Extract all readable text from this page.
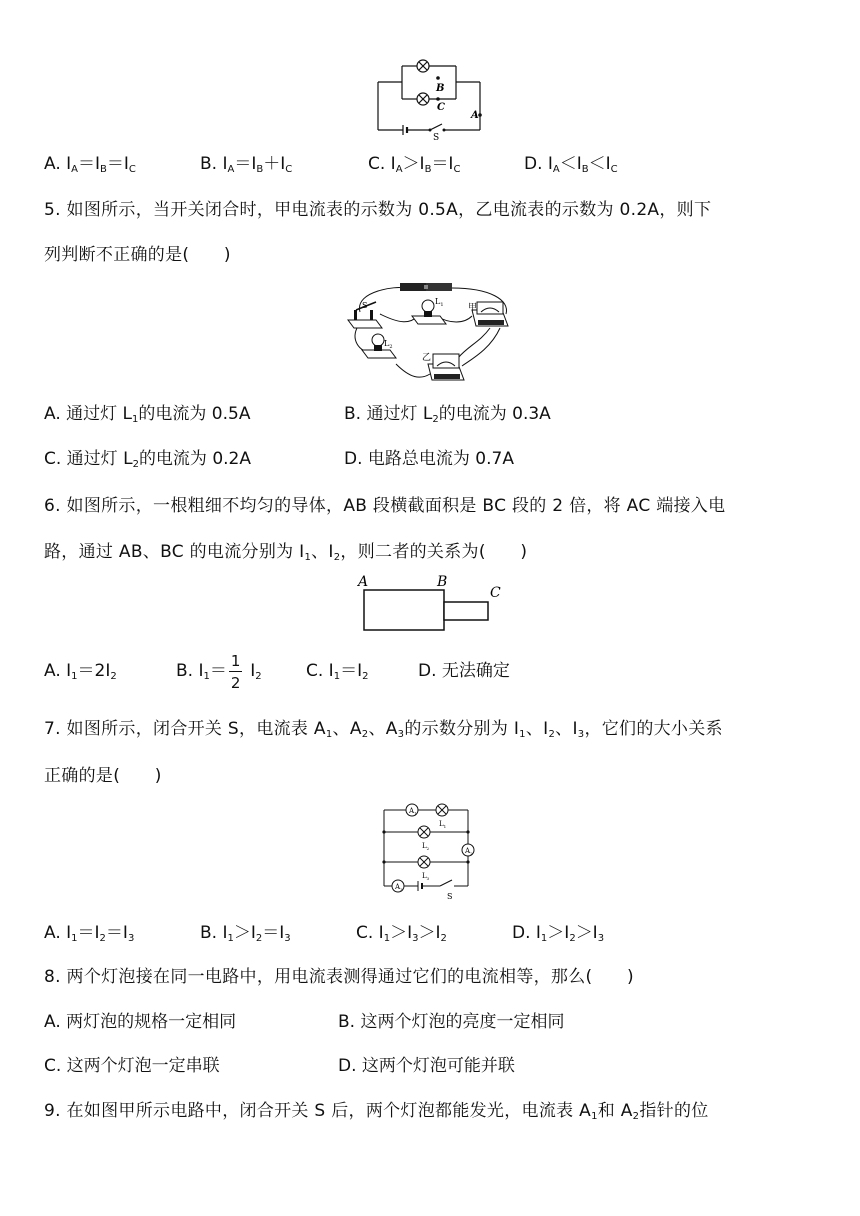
B
C
A
S
A. $I_A=I_B=I_C$	B. $I_A=I_B+I_C$	C. $I_A>I_B=I_C$	D. $I_A<I_B<I_C$
5. 如图所示，当开关闭合时，甲电流表的示数为 0.5A，乙电流表的示数为 0.2A，则下
列判断不正确的是(　　)
S	$L_1$	甲
$L_2$
乙
A. 通过灯 $L_1$的电流为 0.5A	B. 通过灯 $L_2$的电流为 0.3A
C. 通过灯 $L_2$的电流为 0.2A	D. 电路总电流为 0.7A
6. 如图所示，一根粗细不均匀的导体，AB 段横截面积是 BC 段的 2 倍，将 AC 端接入电
路，通过 AB、BC 的电流分别为 $I_1$、$I_2$，则二者的关系为(　　)
A	B
C
A. $I_1=2I_2$	B. $I_1= \frac{1}{2} I_2$	C. $I_1=I_2$	D. 无法确定
7. 如图所示，闭合开关 S，电流表 $A_1$、$A_2$、$A_3$的示数分别为 $I_1$、$I_2$、$I_3$，它们的大小关系
正确的是(　　)
$A_1$
$A_2$
$A_3$
$L_1$
$L_2$
$L_3$
S
A. $I_1=I_2=I_3$	B. $I_1>I_2=I_3$	C. $I_1>I_3>I_2$	D. $I_1>I_2>I_3$
8. 两个灯泡接在同一电路中，用电流表测得通过它们的电流相等，那么(　　)
A. 两灯泡的规格一定相同	B. 这两个灯泡的亮度一定相同
C. 这两个灯泡一定串联	D. 这两个灯泡可能并联
9. 在如图甲所示电路中，闭合开关 S 后，两个灯泡都能发光，电流表 $A_1$和 $A_2$指针的位
